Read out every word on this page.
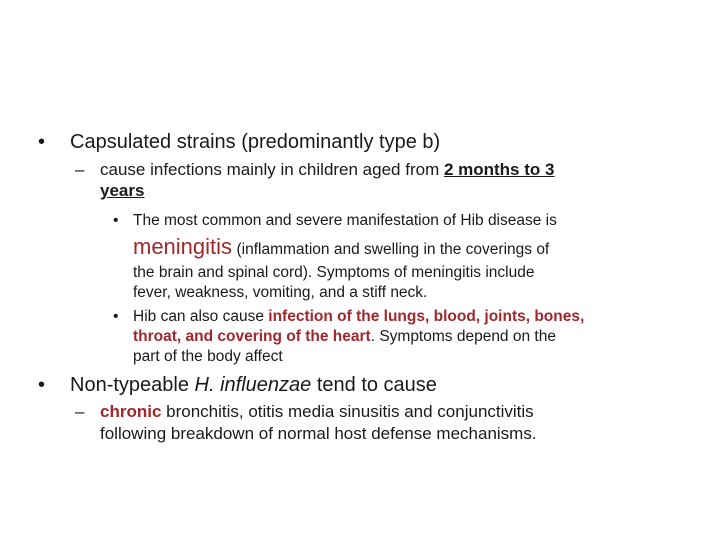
• Capsulated strains (predominantly type b)
– cause infections mainly in children aged from 2 months to 3
years
• The most common and severe manifestation of Hib disease is
meningitis (inflammation and swelling in the coverings of
the brain and spinal cord). Symptoms of meningitis include
fever, weakness, vomiting, and a stiff neck.
• Hib can also cause infection of the lungs, blood, joints, bones,
throat, and covering of the heart. Symptoms depend on the
part of the body affect
• Non-typeable H. influenzae tend to cause
– chronic bronchitis, otitis media sinusitis and conjunctivitis
following breakdown of normal host defense mechanisms.
